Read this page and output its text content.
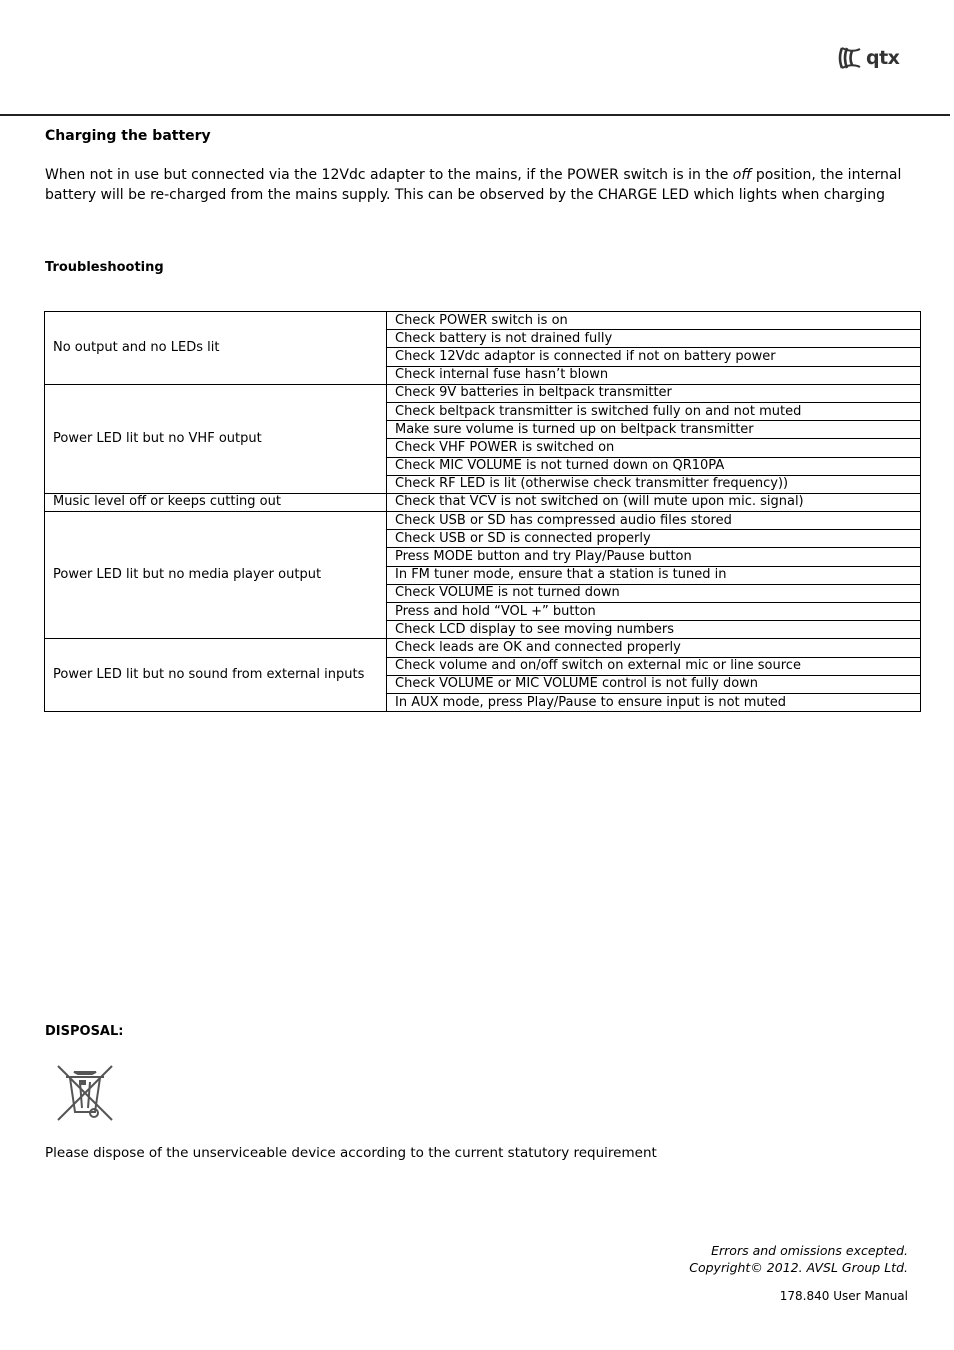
qtx
Charging the battery

When not in use but connected via the 12Vdc adapter to the mains, if the POWER switch is in the off position, the internal battery will be re-charged from the mains supply. This can be observed by the CHARGE LED which lights when charging

Troubleshooting
No output and no LEDs lit	Check POWER switch is on
	Check battery is not drained fully
	Check 12Vdc adaptor is connected if not on battery power
	Check internal fuse hasn’t blown
Power LED lit but no VHF output	Check 9V batteries in beltpack transmitter
	Check beltpack transmitter is switched fully on and not muted
	Make sure volume is turned up on beltpack transmitter
	Check VHF POWER is switched on
	Check MIC VOLUME is not turned down on QR10PA
	Check RF LED is lit (otherwise check transmitter frequency))
Music level off or keeps cutting out	Check that VCV is not switched on (will mute upon mic. signal)
Power LED lit but no media player output	Check USB or SD has compressed audio files stored
	Check USB or SD is connected properly
	Press MODE button and try Play/Pause button
	In FM tuner mode, ensure that a station is tuned in
	Check VOLUME is not turned down
	Press and hold “VOL +” button
	Check LCD display to see moving numbers
Power LED lit but no sound from external inputs	Check leads are OK and connected properly
	Check volume and on/off switch on external mic or line source
	Check VOLUME or MIC VOLUME control is not fully down
	In AUX mode, press Play/Pause to ensure input is not muted
DISPOSAL:

Please dispose of the unserviceable device according to the current statutory requirement

Errors and omissions excepted.
Copyright© 2012. AVSL Group Ltd.
178.840 User Manual
